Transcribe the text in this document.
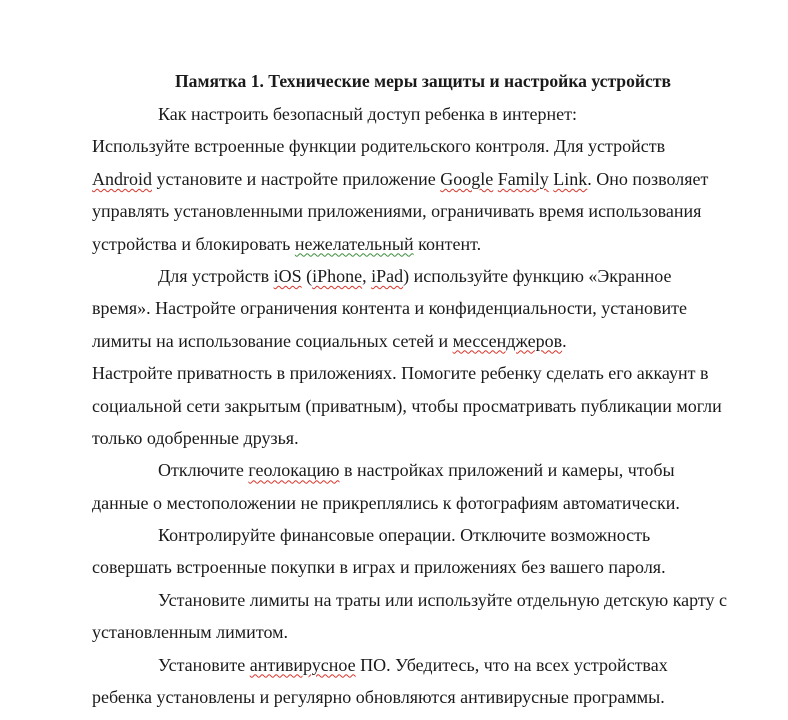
Памятка 1. Технические меры защиты и настройка устройств
Как настроить безопасный доступ ребенка в интернет:
Используйте встроенные функции родительского контроля. Для устройств
Android установите и настройте приложение Google Family Link. Оно позволяет
управлять установленными приложениями, ограничивать время использования
устройства и блокировать нежелательный контент.
Для устройств iOS (iPhone, iPad) используйте функцию «Экранное
время». Настройте ограничения контента и конфиденциальности, установите
лимиты на использование социальных сетей и мессенджеров.
Настройте приватность в приложениях. Помогите ребенку сделать его аккаунт в
социальной сети закрытым (приватным), чтобы просматривать публикации могли
только одобренные друзья.
Отключите геолокацию в настройках приложений и камеры, чтобы
данные о местоположении не прикреплялись к фотографиям автоматически.
Контролируйте финансовые операции. Отключите возможность
совершать встроенные покупки в играх и приложениях без вашего пароля.
Установите лимиты на траты или используйте отдельную детскую карту с
установленным лимитом.
Установите антивирусное ПО. Убедитесь, что на всех устройствах
ребенка установлены и регулярно обновляются антивирусные программы.
